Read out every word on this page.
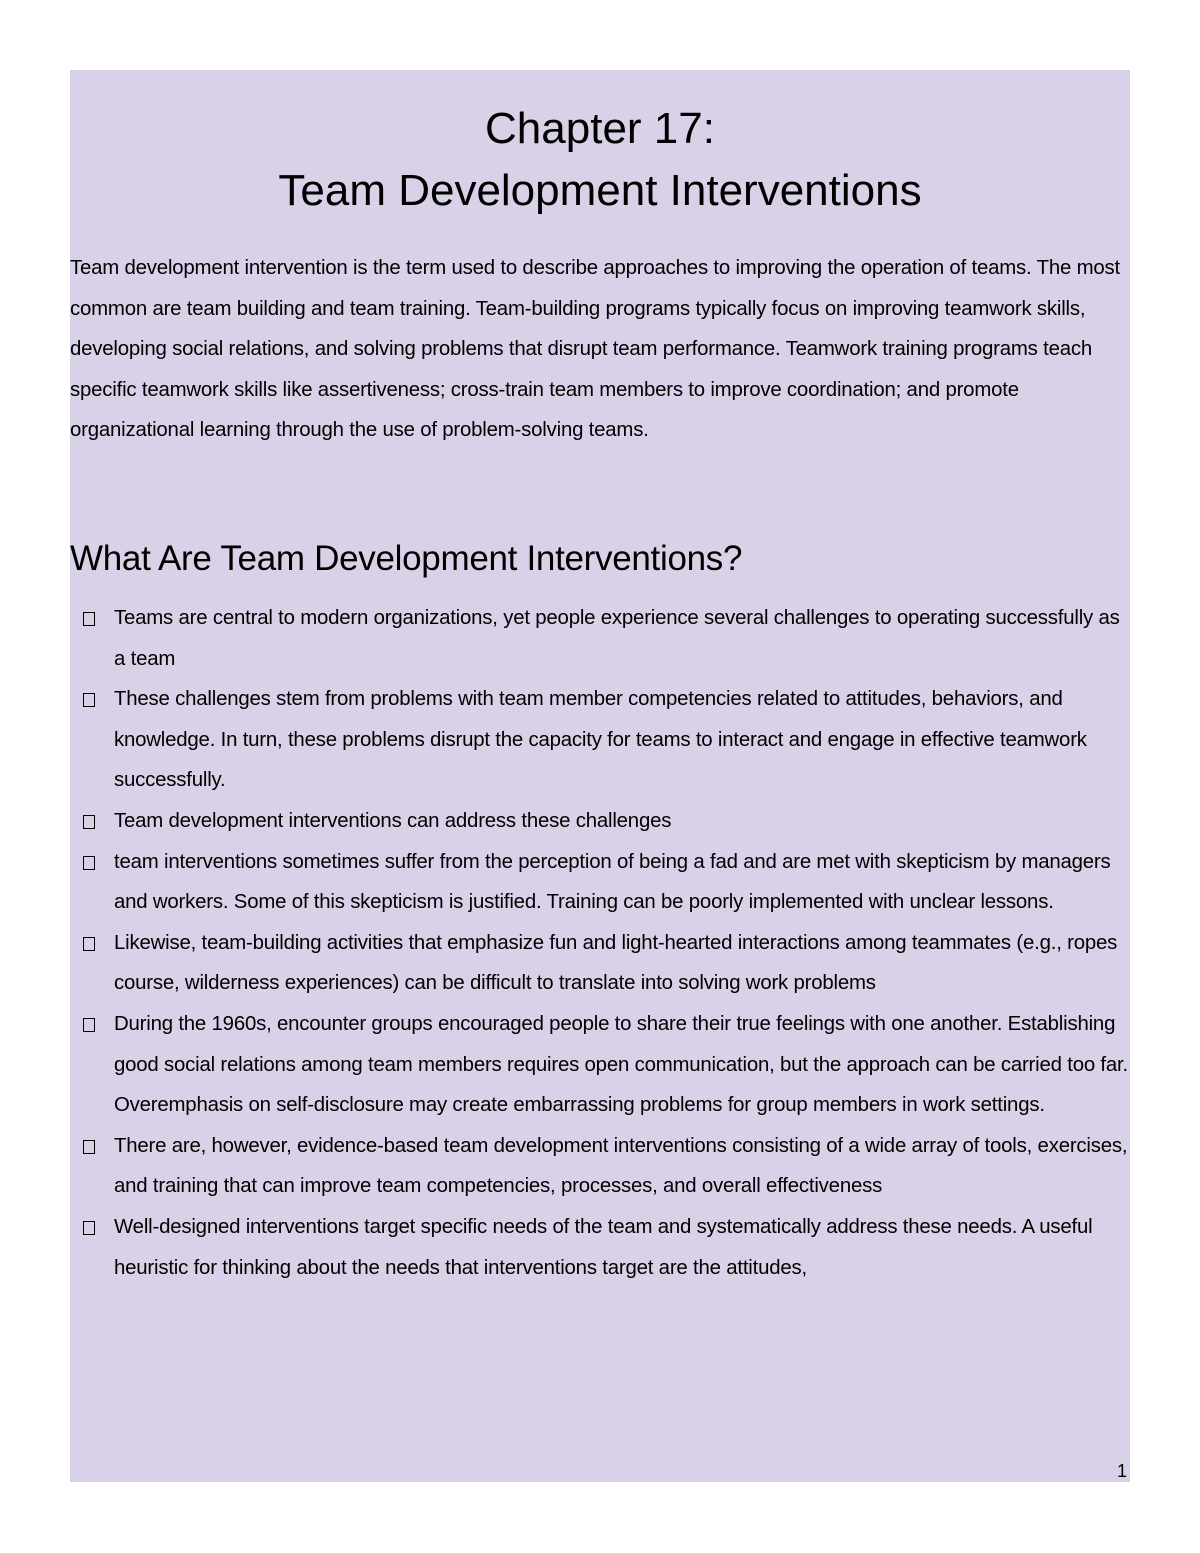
Chapter 17:
Team Development Interventions

Team development intervention is the term used to describe approaches to improving the operation of teams. The most common are team building and team training. Team-building programs typically focus on improving teamwork skills, developing social relations, and solving problems that disrupt team performance. Teamwork training programs teach specific teamwork skills like assertiveness; cross-train team members to improve coordination; and promote organizational learning through the use of problem-solving teams.

What Are Team Development Interventions?
Teams are central to modern organizations, yet people experience several challenges to operating successfully as a team
These challenges stem from problems with team member competencies related to attitudes, behaviors, and knowledge. In turn, these problems disrupt the capacity for teams to interact and engage in effective teamwork successfully.
Team development interventions can address these challenges
team interventions sometimes suffer from the perception of being a fad and are met with skepticism by managers and workers. Some of this skepticism is justified. Training can be poorly implemented with unclear lessons.
Likewise, team-building activities that emphasize fun and light-hearted interactions among teammates (e.g., ropes course, wilderness experiences) can be difficult to translate into solving work problems
During the 1960s, encounter groups encouraged people to share their true feelings with one another. Establishing good social relations among team members requires open communication, but the approach can be carried too far. Overemphasis on self-disclosure may create embarrassing problems for group members in work settings.
There are, however, evidence-based team development interventions consisting of a wide array of tools, exercises, and training that can improve team competencies, processes, and overall effectiveness
Well-designed interventions target specific needs of the team and systematically address these needs. A useful heuristic for thinking about the needs that interventions target are the attitudes,
1
